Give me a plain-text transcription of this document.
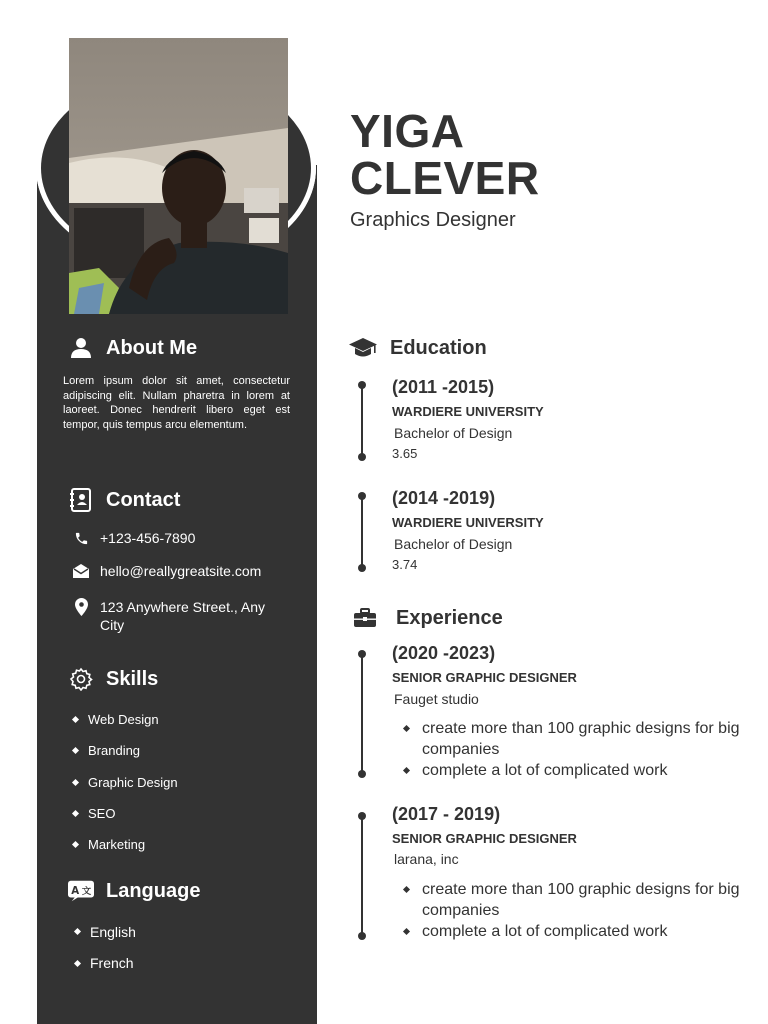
About Me

Lorem ipsum dolor sit amet, consectetur adipiscing elit. Nullam pharetra in lorem at laoreet. Donec hendrerit libero eget est tempor, quis tempus arcu elementum.

Contact
+123-456-7890
hello@reallygreatsite.com
123 Anywhere Street., Any City
Skills
Web Design
Branding
Graphic Design
SEO
Marketing
A 文 Language
English
French
YIGA
CLEVER
Graphics Designer
Education
(2011 -2015)
WARDIERE UNIVERSITY
Bachelor of Design
3.65
(2014 -2019)
WARDIERE UNIVERSITY
Bachelor of Design
3.74
Experience
(2020 -2023)
SENIOR GRAPHIC DESIGNER
Fauget studio
create more than 100 graphic designs for big companies
complete a lot of complicated work
(2017 - 2019)
SENIOR GRAPHIC DESIGNER
larana, inc
create more than 100 graphic designs for big companies
complete a lot of complicated work
